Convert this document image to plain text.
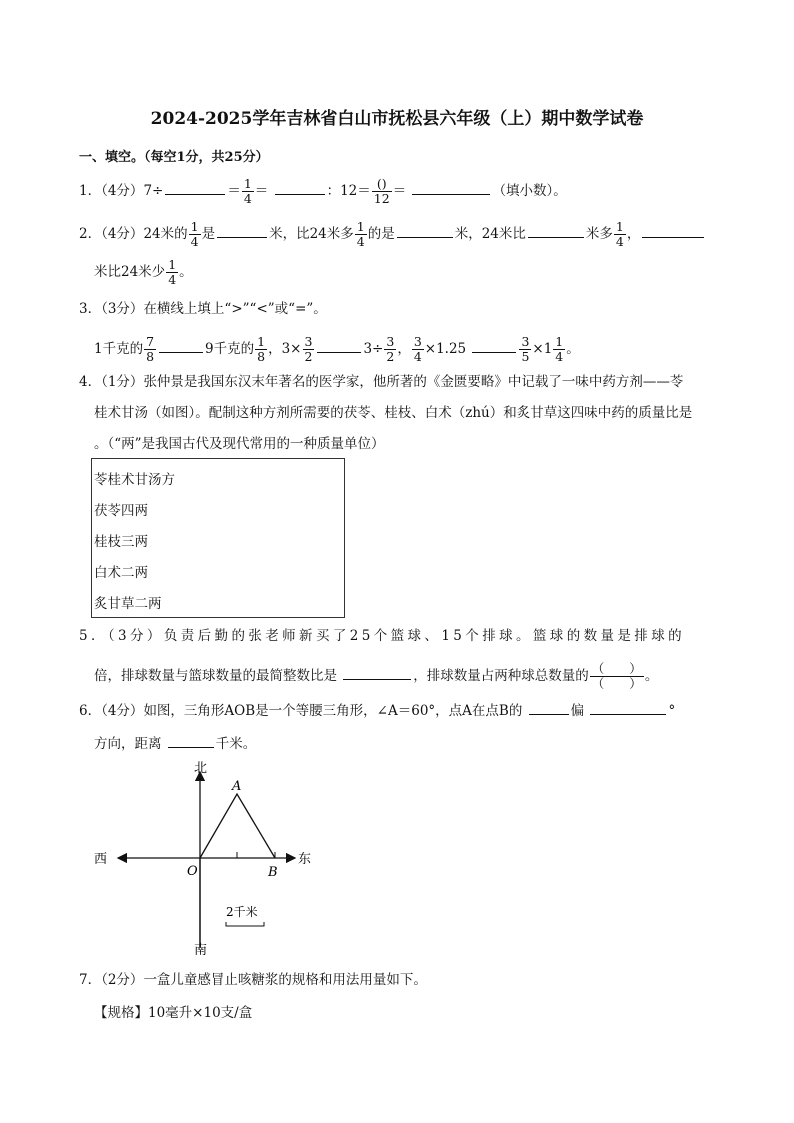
2024-2025学年吉林省白山市抚松县六年级（上）期中数学试卷
一、填空。（每空1分，共25分）
1．（4分）7÷	＝ $\frac{1}{4}$ ＝	：$12= \frac{()}{12}$ ＝	（填小数）。
2．（4分）24米的 $\frac{1}{4}$ 是	米，比24米多 $\frac{1}{4}$ 的是	米，24米比	米多 $\frac{1}{4}$ ，
米比24米少 $\frac{1}{4}$ 。
3．（3分）在横线上填上“>”“<”或“=”。
1千克的 $\frac{7}{8}$	9千克的 $\frac{1}{8}$ ，$3\times \frac{3}{2}$	$3\div \frac{3}{2}$ ， $\frac{3}{4} \times 1.25$	$\frac{3}{5} \times 1 \frac{1}{4}$ 。
4．（1分）张仲景是我国东汉末年著名的医学家，他所著的《金匮要略》中记载了一味中药方剂——苓
桂术甘汤（如图）。配制这种方剂所需要的茯苓、桂枝、白术（zhú）和炙甘草这四味中药的质量比是
。（“两”是我国古代及现代常用的一种质量单位）
苓桂术甘汤方
茯苓四两
桂枝三两
白术二两
炙甘草二两
5．（3分）负责后勤的张老师新买了25个篮球、15个排球。篮球的数量是排球的
倍，排球数量与篮球数量的最简整数比是	，排球数量占两种球总数量的 $\frac{( )}{( )}$ 。
6．（4分）如图，三角形AOB是一个等腰三角形，∠A＝60°，点A在点B的	偏	°
方向，距离	千米。
北
南
西	东
A
O	B
2千米
7．（2分）一盒儿童感冒止咳糖浆的规格和用法用量如下。
【规格】10毫升×10支/盒
